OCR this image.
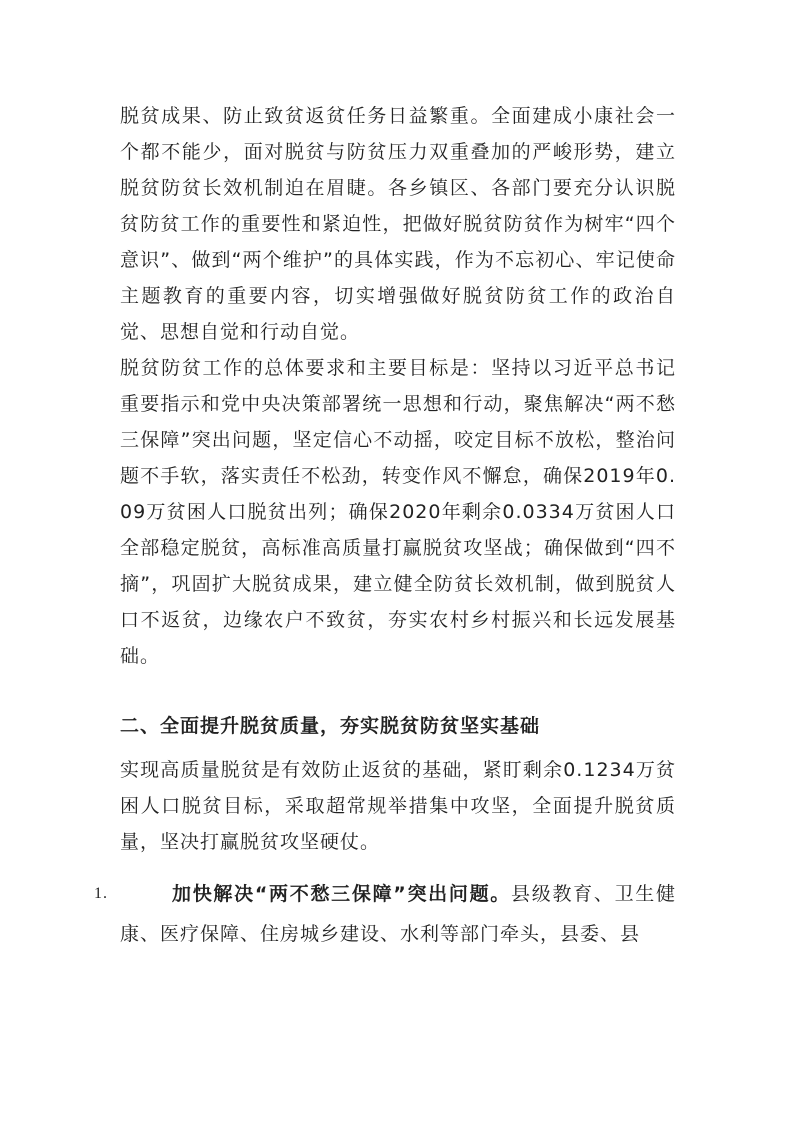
脱贫成果、防止致贫返贫任务日益繁重。全面建成小康社会一个都不能少，面对脱贫与防贫压力双重叠加的严峻形势，建立脱贫防贫长效机制迫在眉睫。各乡镇区、各部门要充分认识脱贫防贫工作的重要性和紧迫性，把做好脱贫防贫作为树牢“四个意识”、做到“两个维护”的具体实践，作为不忘初心、牢记使命主题教育的重要内容，切实增强做好脱贫防贫工作的政治自觉、思想自觉和行动自觉。

脱贫防贫工作的总体要求和主要目标是：坚持以习近平总书记重要指示和党中央决策部署统一思想和行动，聚焦解决“两不愁三保障”突出问题，坚定信心不动摇，咬定目标不放松，整治问题不手软，落实责任不松劲，转变作风不懈怠，确保2019年0.09万贫困人口脱贫出列；确保2020年剩余0.0334万贫困人口全部稳定脱贫，高标准高质量打赢脱贫攻坚战；确保做到“四不摘”，巩固扩大脱贫成果，建立健全防贫长效机制，做到脱贫人口不返贫，边缘农户不致贫，夯实农村乡村振兴和长远发展基础。

二、全面提升脱贫质量，夯实脱贫防贫坚实基础

实现高质量脱贫是有效防止返贫的基础，紧盯剩余0.1234万贫困人口脱贫目标，采取超常规举措集中攻坚，全面提升脱贫质量，坚决打赢脱贫攻坚硬仗。

1.	加快解决“两不愁三保障”突出问题。县级教育、卫生健康、医疗保障、住房城乡建设、水利等部门牵头，县委、县
